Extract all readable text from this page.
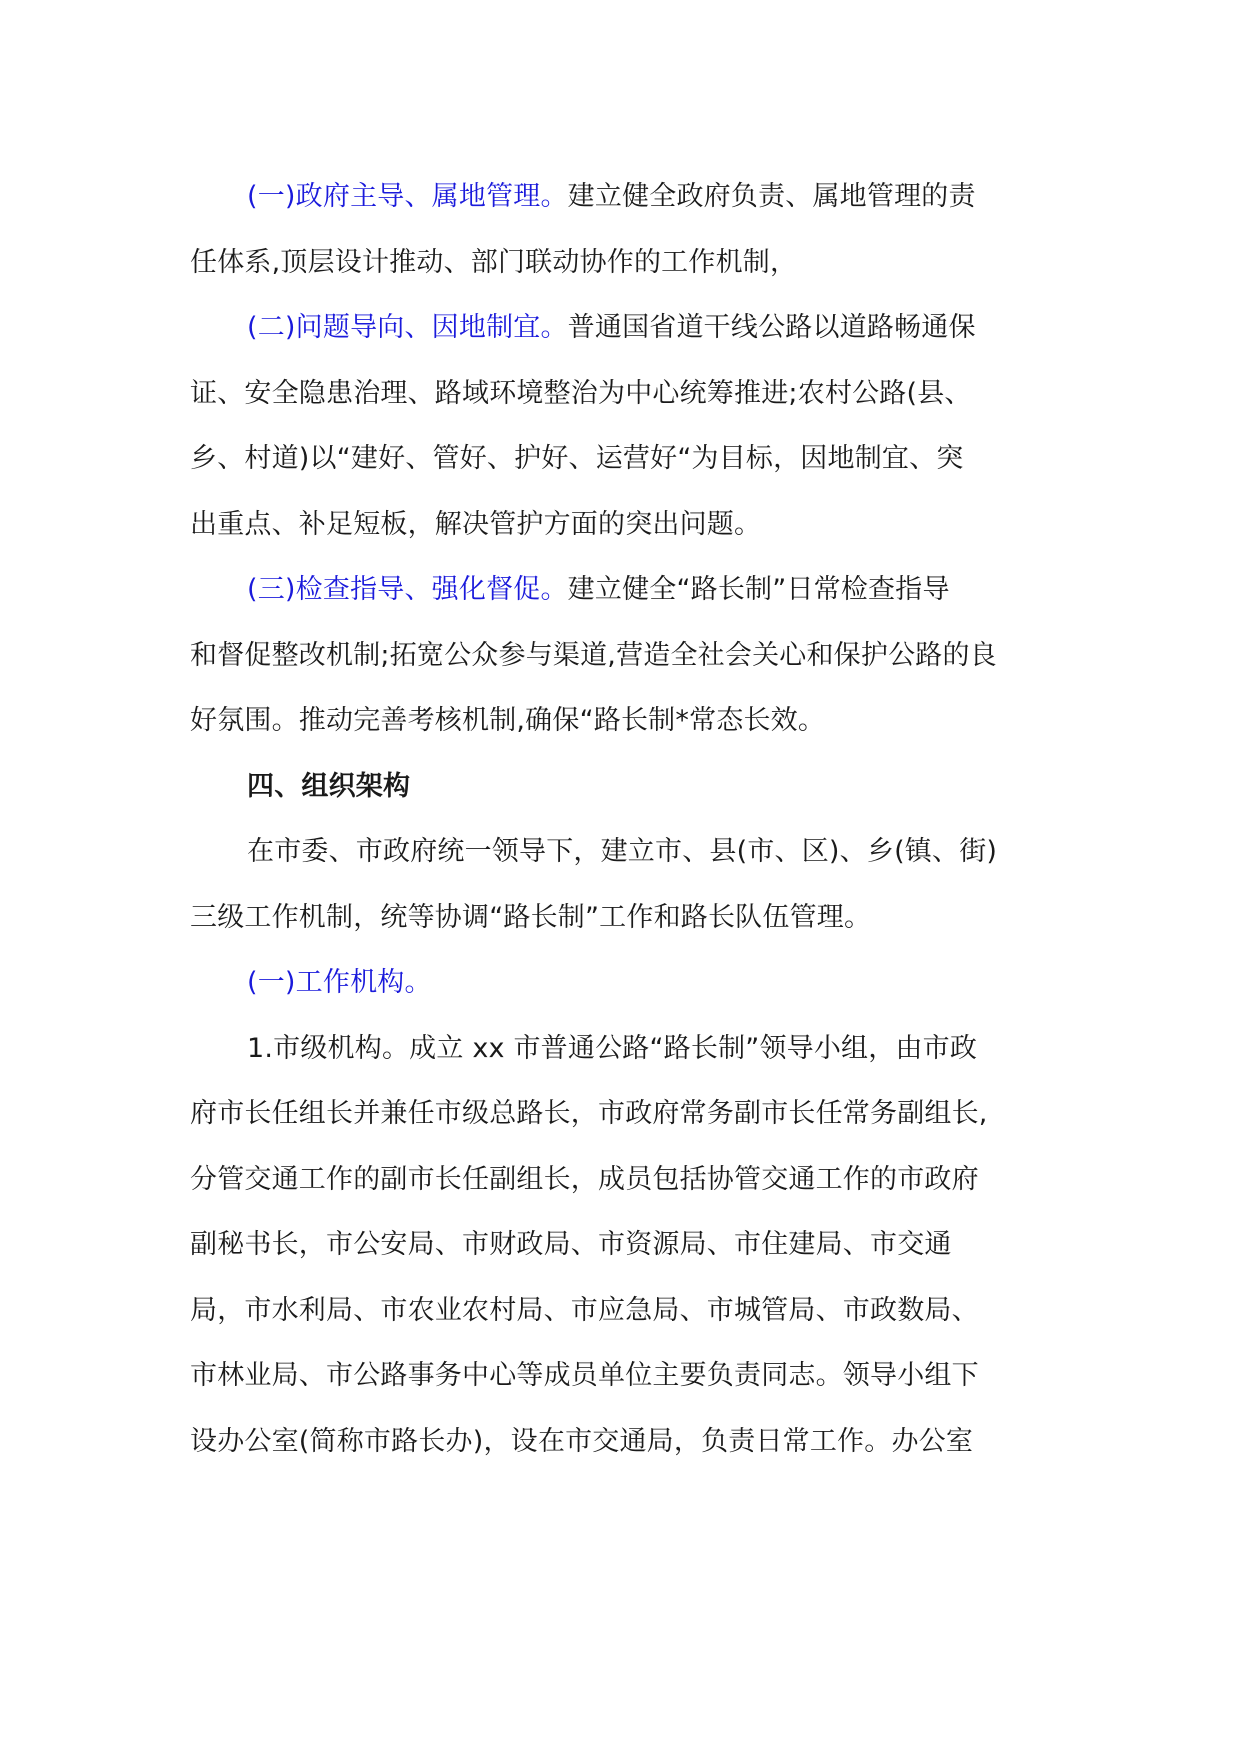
(一)政府主导、属地管理。建立健全政府负责、属地管理的责
任体系,顶层设计推动、部门联动协作的工作机制，
(二)问题导向、因地制宜。普通国省道干线公路以道路畅通保
证、安全隐患治理、路域环境整治为中心统筹推进;农村公路(县、
乡、村道)以“建好、管好、护好、运营好“为目标，因地制宜、突
出重点、补足短板，解决管护方面的突出问题。
(三)检查指导、强化督促。建立健全“路长制”日常检查指导
和督促整改机制;拓宽公众参与渠道,营造全社会关心和保护公路的良
好氛围。推动完善考核机制,确保“路长制*常态长效。
四、组织架构
在市委、市政府统一领导下，建立市、县(市、区)、乡(镇、街)
三级工作机制，统等协调“路长制”工作和路长队伍管理。
(一)工作机构。
1.市级机构。成立 xx 市普通公路“路长制”领导小组，由市政
府市长任组长并兼任市级总路长，市政府常务副市长任常务副组长,
分管交通工作的副市长任副组长，成员包括协管交通工作的市政府
副秘书长，市公安局、市财政局、市资源局、市住建局、市交通
局，市水利局、市农业农村局、市应急局、市城管局、市政数局、
市林业局、市公路事务中心等成员单位主要负责同志。领导小组下
设办公室(简称市路长办)，设在市交通局，负责日常工作。办公室
